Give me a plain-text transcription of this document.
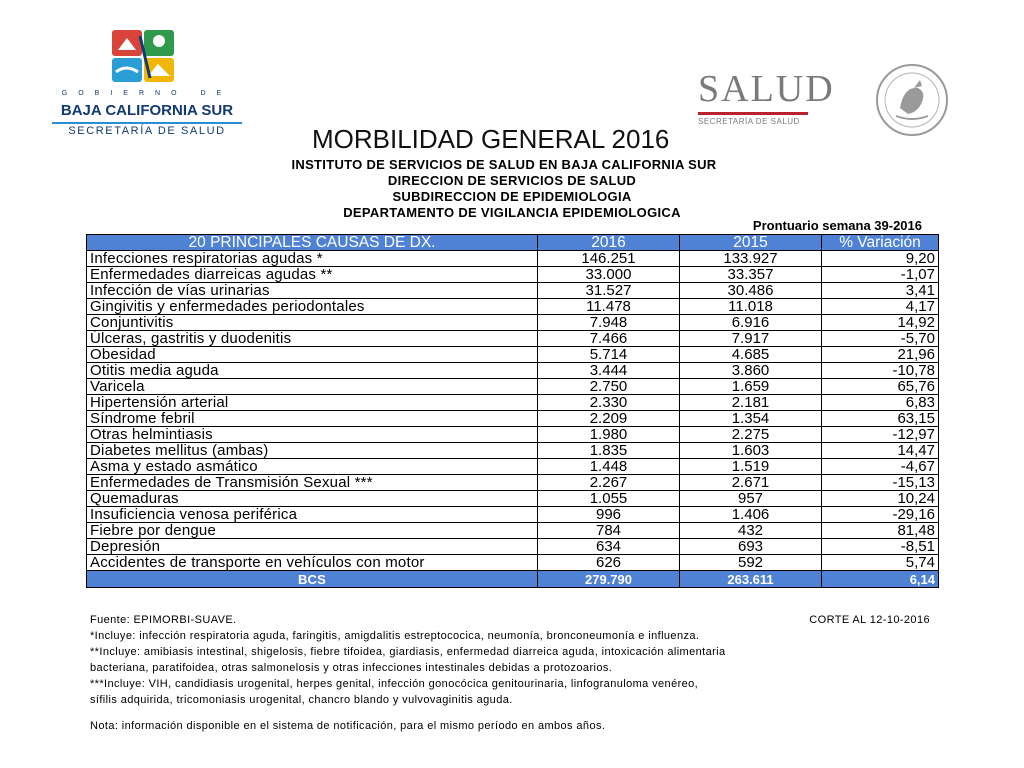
GOBIERNO DE
BAJA CALIFORNIA SUR
SECRETARÍA DE SALUD
SALUD
SECRETARÍA DE SALUD
MORBILIDAD GENERAL 2016
INSTITUTO DE SERVICIOS DE SALUD EN BAJA CALIFORNIA SUR
DIRECCION DE SERVICIOS DE SALUD
SUBDIRECCION DE EPIDEMIOLOGIA
DEPARTAMENTO DE VIGILANCIA EPIDEMIOLOGICA
Prontuario semana 39-2016
20 PRINCIPALES CAUSAS DE DX.	2016	2015	% Variación
Infecciones respiratorias agudas *	146.251	133.927	9,20
Enfermedades diarreicas agudas **	33.000	33.357	-1,07
Infección de vías urinarias	31.527	30.486	3,41
Gingivitis y enfermedades periodontales	11.478	11.018	4,17
Conjuntivitis	7.948	6.916	14,92
Úlceras, gastritis y duodenitis	7.466	7.917	-5,70
Obesidad	5.714	4.685	21,96
Otitis media aguda	3.444	3.860	-10,78
Varicela	2.750	1.659	65,76
Hipertensión arterial	2.330	2.181	6,83
Síndrome febril	2.209	1.354	63,15
Otras helmintiasis	1.980	2.275	-12,97
Diabetes mellitus (ambas)	1.835	1.603	14,47
Asma y estado asmático	1.448	1.519	-4,67
Enfermedades de Transmisión Sexual ***	2.267	2.671	-15,13
Quemaduras	1.055	957	10,24
Insuficiencia venosa periférica	996	1.406	-29,16
Fiebre por dengue	784	432	81,48
Depresión	634	693	-8,51
Accidentes de transporte en vehículos con motor	626	592	5,74
BCS	279.790	263.611	6,14
Fuente: EPIMORBI-SUAVE.	CORTE AL 12-10-2016
*Incluye: infección respiratoria aguda, faringitis, amigdalitis estreptococica, neumonía, bronconeumonía e influenza.
**Incluye: amibiasis intestinal, shigelosis, fiebre tifoidea, giardiasis, enfermedad diarreica aguda, intoxicación alimentaria
bacteriana, paratifoidea, otras salmonelosis y otras infecciones intestinales debidas a protozoarios.
***Incluye: VIH, candidiasis urogenital, herpes genital, infección gonocócica genitourinaria, linfogranuloma venéreo,
sífilis adquirida, tricomoniasis urogenital, chancro blando y vulvovaginitis aguda.
Nota: información disponible en el sistema de notificación, para el mismo período en ambos años.
